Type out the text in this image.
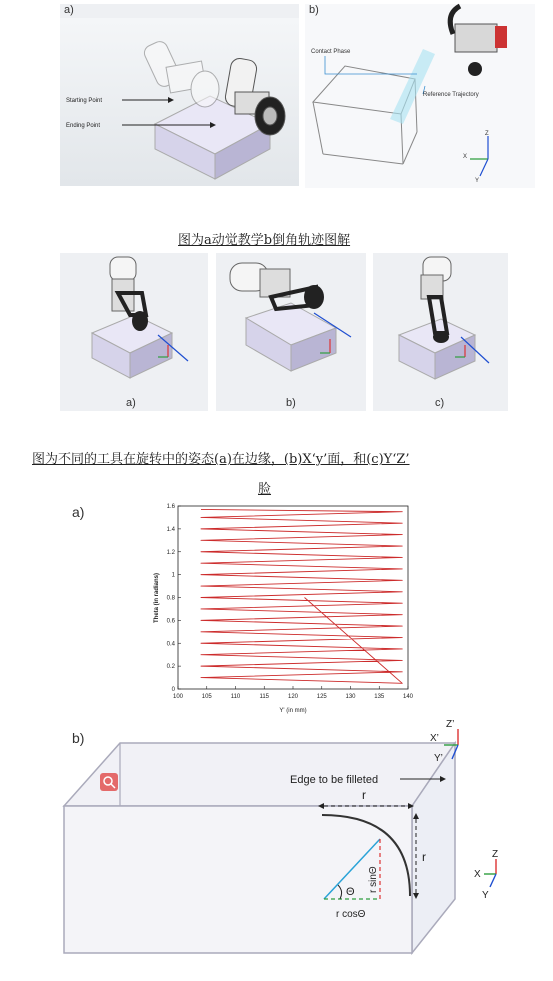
a)
Starting Point
Ending Point
Contact Phase
Reference Trajectory
Z
X
Y
b)
图为a动觉教学b倒角轨迹图解
a)	b)	c)
图为不同的工具在旋转中的姿态(a)在边缘，(b)X‘y’面，和(c)Y‘Z’
脸
a)
100	105	110	115	120	125	130	135	140
0
0.2
0.4
0.6
0.8
1
1.2
1.4
1.6
Y' (in mm)
Theta (in radians)
b)
Edge to be filleted
r
r
Θ r sinΘ
r cosΘ
Z’
X’
Y’
Z
X
Y
